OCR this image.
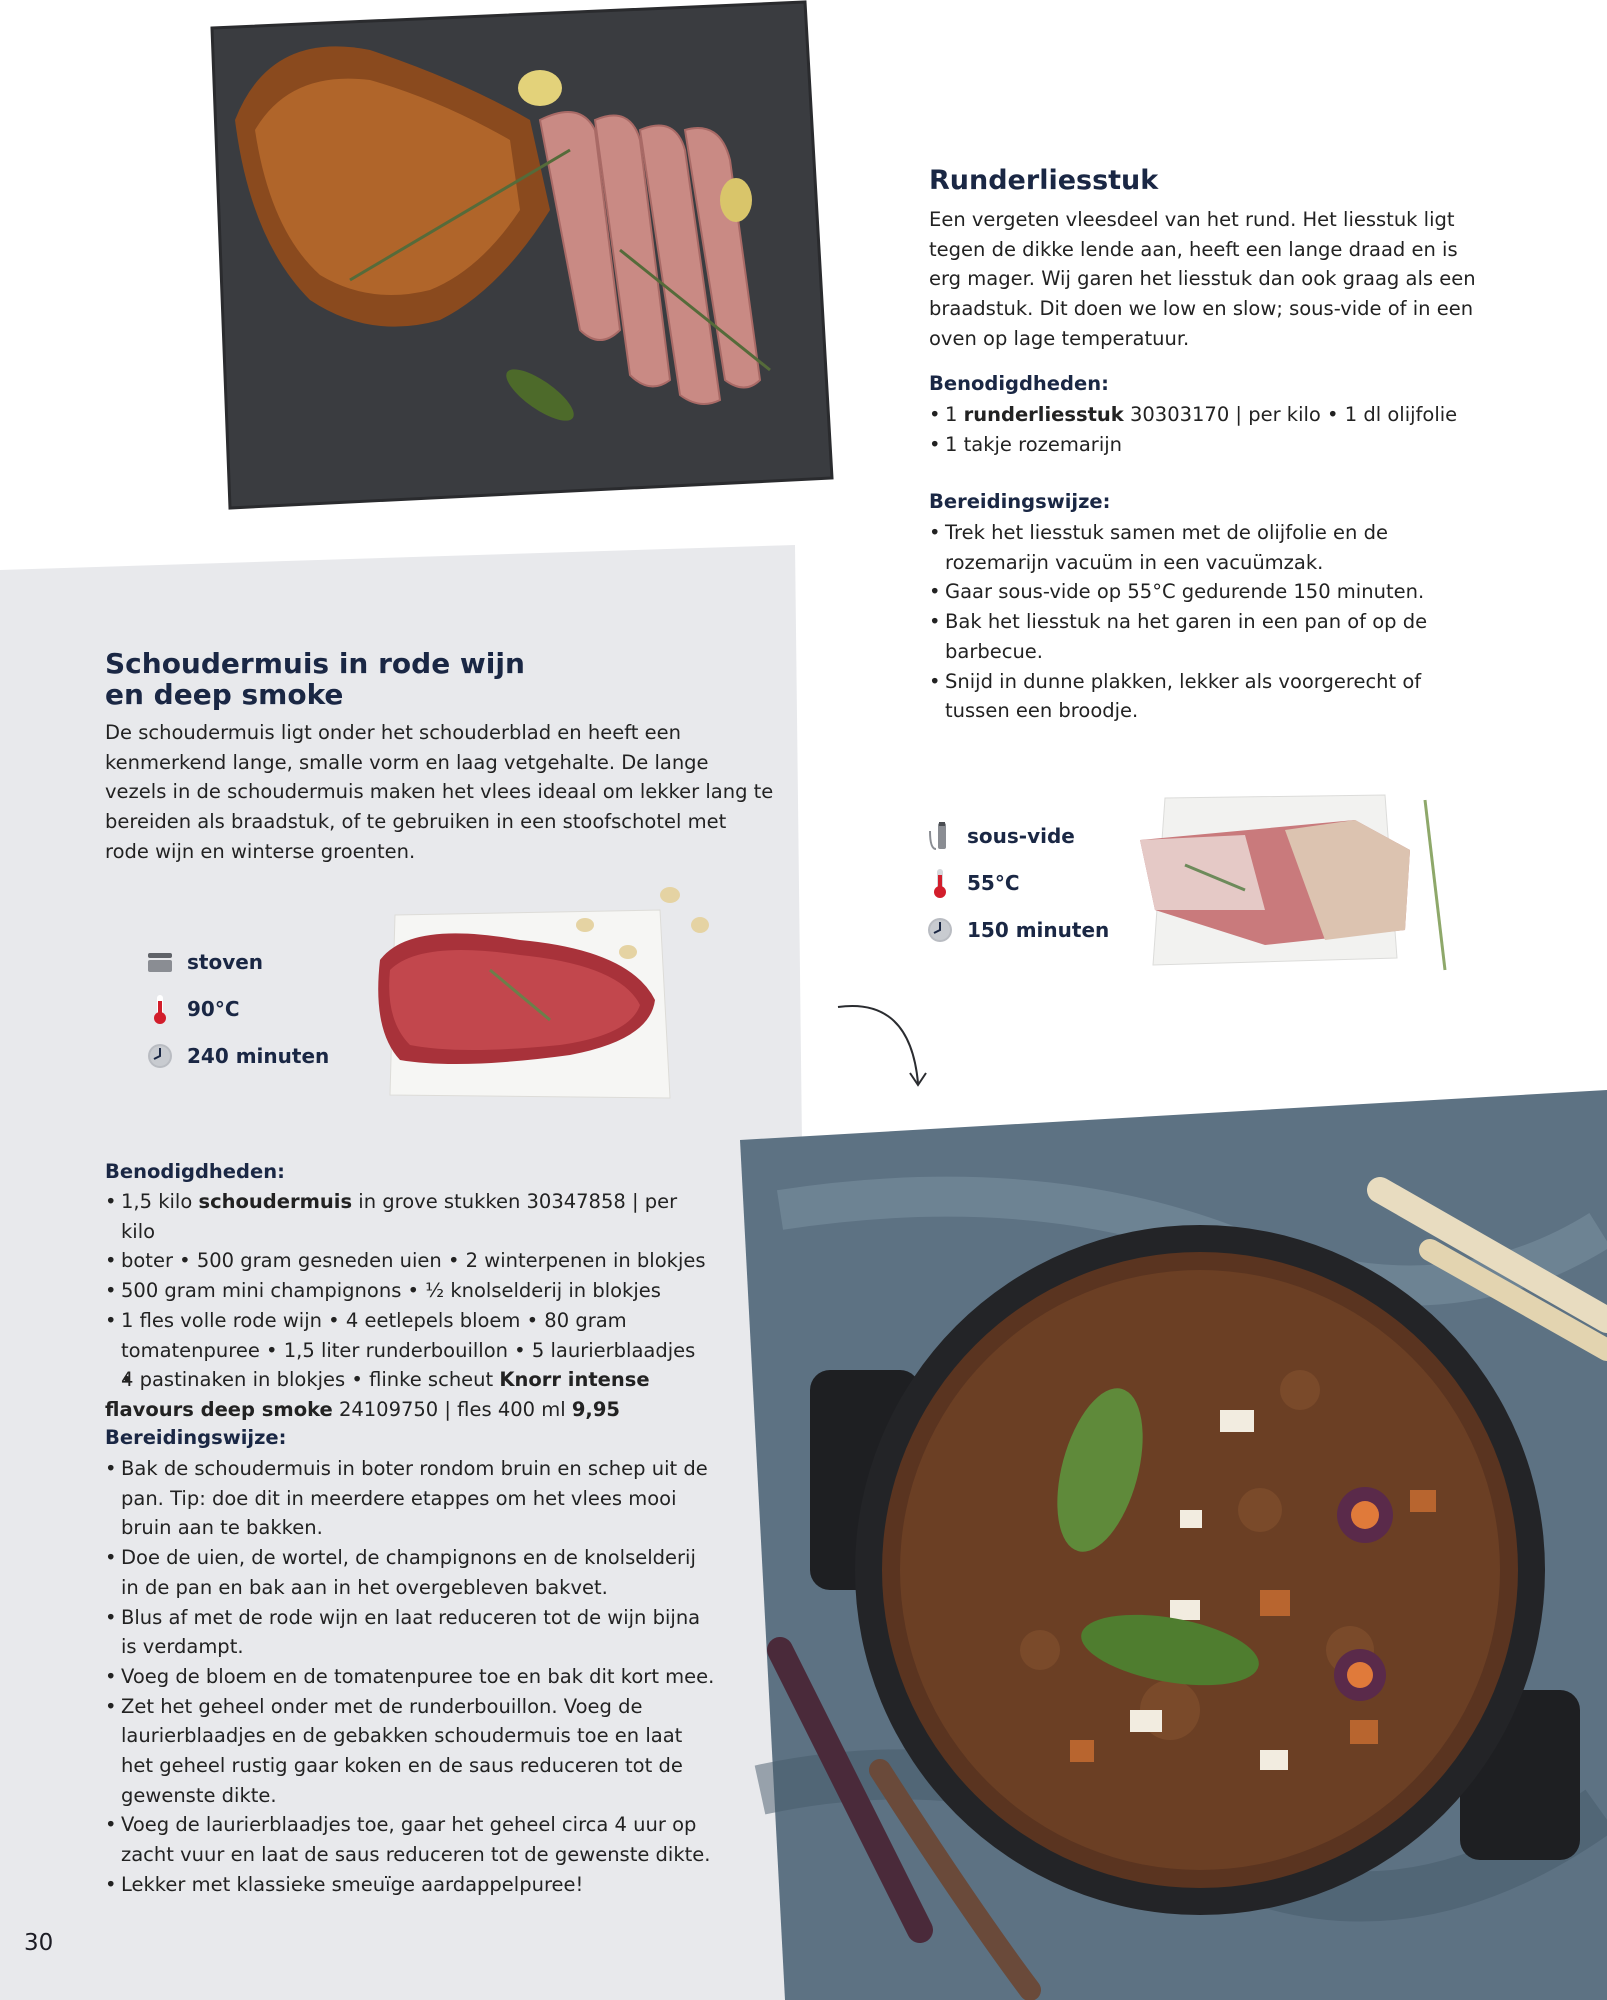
Runderliesstuk

Een vergeten vleesdeel van het rund. Het liesstuk ligt tegen de dikke lende aan, heeft een lange draad en is erg mager. Wij garen het liesstuk dan ook graag als een braadstuk. Dit doen we low en slow; sous-vide of in een oven op lage temperatuur.

Benodigdheden:

• 1 runderliesstuk 30303170 | per kilo • 1 dl olijfolie
• 1 takje rozemarijn

Bereidingswijze:

• Trek het liesstuk samen met de olijfolie en de rozemarijn vacuüm in een vacuümzak.
• Gaar sous-vide op 55°C gedurende 150 minuten.
• Bak het liesstuk na het garen in een pan of op de barbecue.
• Snijd in dunne plakken, lekker als voorgerecht of tussen een broodje.
sous-vide
55°C
150 minuten
Schoudermuis in rode wijn
en deep smoke

De schoudermuis ligt onder het schouderblad en heeft een kenmerkend lange, smalle vorm en laag vetgehalte. De lange vezels in de schoudermuis maken het vlees ideaal om lekker lang te bereiden als braadstuk, of te gebruiken in een stoofschotel met rode wijn en winterse groenten.

stoven
90°C
240 minuten

Benodigdheden:

• 1,5 kilo schoudermuis in grove stukken 30347858 | per kilo
• boter • 500 gram gesneden uien • 2 winterpenen in blokjes
• 500 gram mini champignons • ½ knolselderij in blokjes
• 1 fles volle rode wijn • 4 eetlepels bloem • 80 gram tomatenpuree • 1,5 liter runderbouillon • 5 laurierblaadjes
• 4 pastinaken in blokjes • flinke scheut Knorr intense flavours deep smoke 24109750 | fles 400 ml 9,95

Bereidingswijze:

• Bak de schoudermuis in boter rondom bruin en schep uit de pan. Tip: doe dit in meerdere etappes om het vlees mooi bruin aan te bakken.
• Doe de uien, de wortel, de champignons en de knolselderij in de pan en bak aan in het overgebleven bakvet.
• Blus af met de rode wijn en laat reduceren tot de wijn bijna is verdampt.
• Voeg de bloem en de tomatenpuree toe en bak dit kort mee.
• Zet het geheel onder met de runderbouillon. Voeg de laurierblaadjes en de gebakken schoudermuis toe en laat het geheel rustig gaar koken en de saus reduceren tot de gewenste dikte.
• Voeg de laurierblaadjes toe, gaar het geheel circa 4 uur op zacht vuur en laat de saus reduceren tot de gewenste dikte.
• Lekker met klassieke smeuïge aardappelpuree!
30
